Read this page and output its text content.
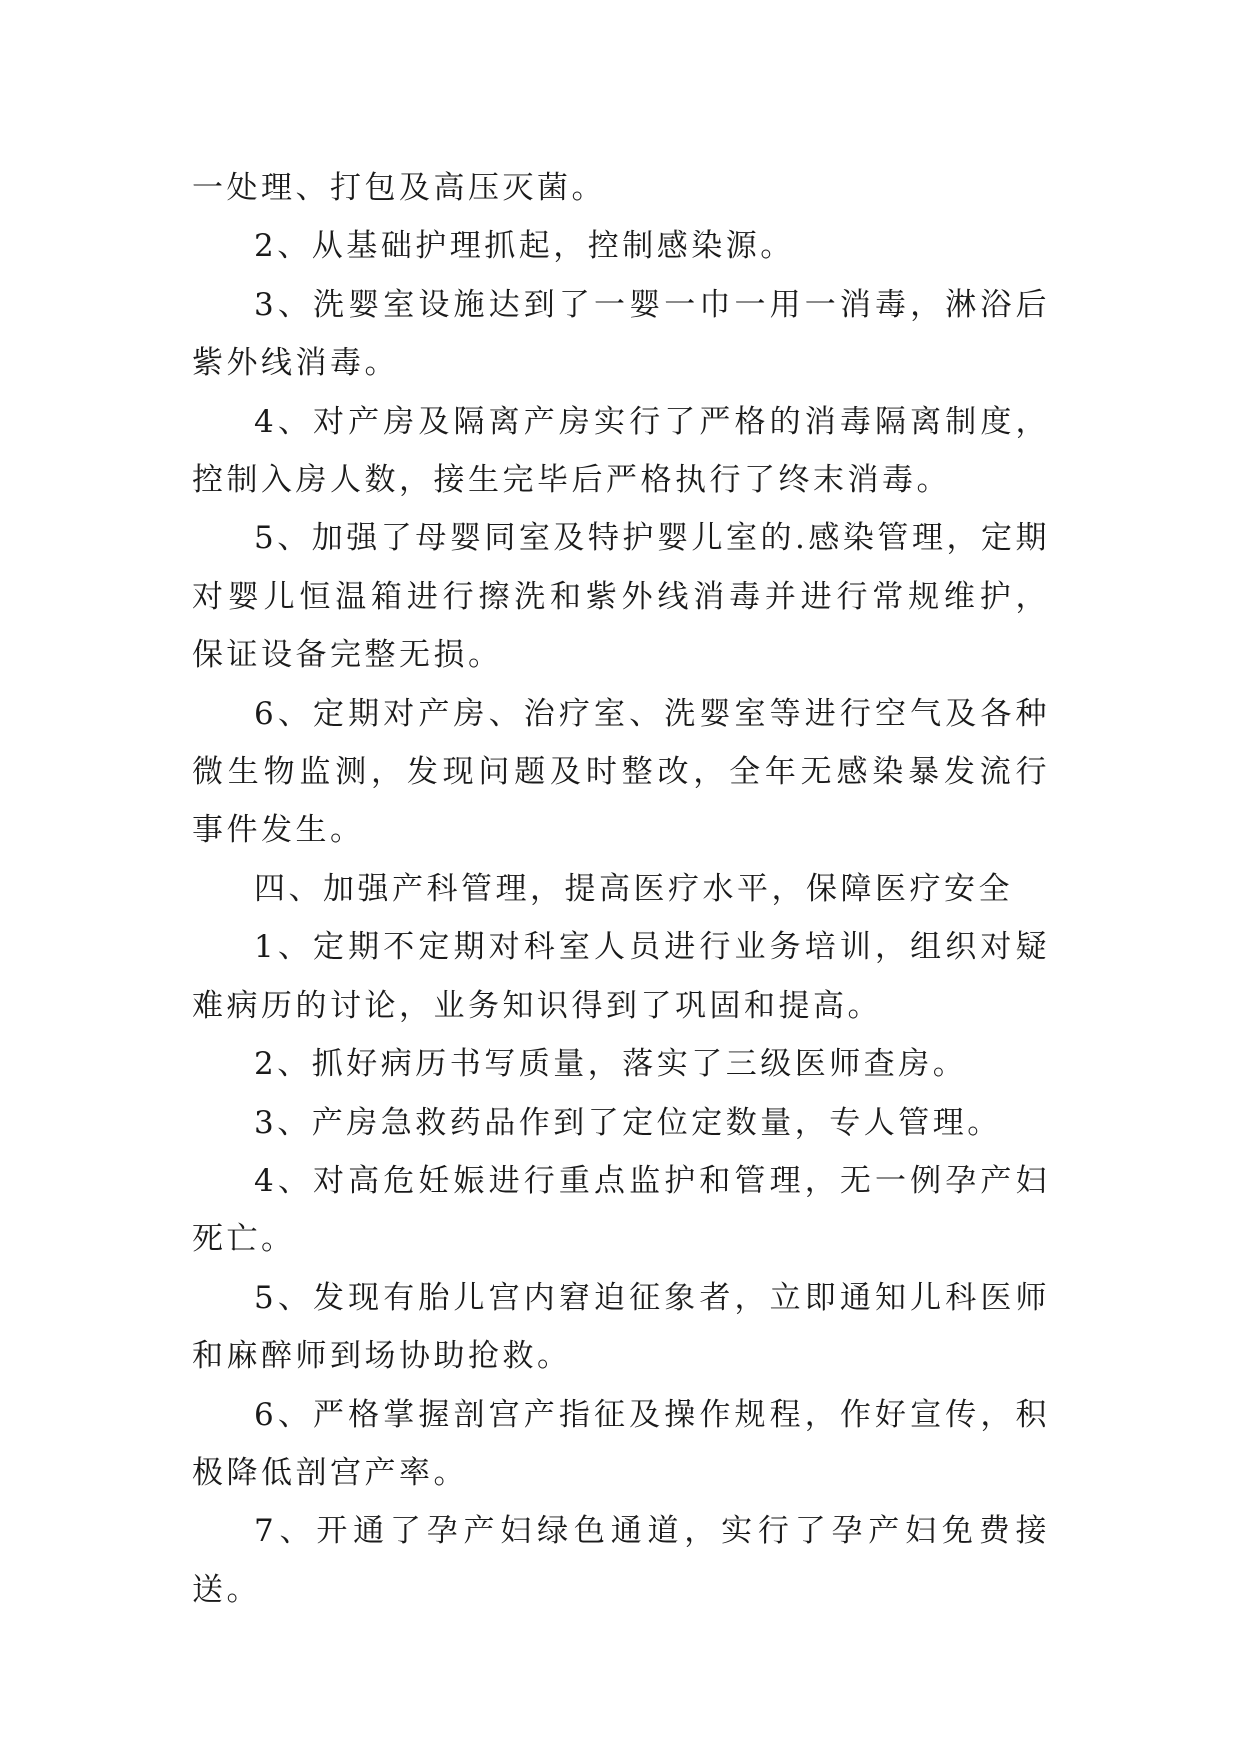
一处理、打包及高压灭菌。

2、从基础护理抓起，控制感染源。

3、洗婴室设施达到了一婴一巾一用一消毒，淋浴后紫外线消毒。

4、对产房及隔离产房实行了严格的消毒隔离制度，控制入房人数，接生完毕后严格执行了终末消毒。

5、加强了母婴同室及特护婴儿室的.感染管理，定期对婴儿恒温箱进行擦洗和紫外线消毒并进行常规维护，保证设备完整无损。

6、定期对产房、治疗室、洗婴室等进行空气及各种微生物监测，发现问题及时整改，全年无感染暴发流行事件发生。

四、加强产科管理，提高医疗水平，保障医疗安全

1、定期不定期对科室人员进行业务培训，组织对疑难病历的讨论，业务知识得到了巩固和提高。

2、抓好病历书写质量，落实了三级医师查房。

3、产房急救药品作到了定位定数量，专人管理。

4、对高危妊娠进行重点监护和管理，无一例孕产妇死亡。

5、发现有胎儿宫内窘迫征象者，立即通知儿科医师和麻醉师到场协助抢救。

6、严格掌握剖宫产指征及操作规程，作好宣传，积极降低剖宫产率。

7、开通了孕产妇绿色通道，实行了孕产妇免费接送。
